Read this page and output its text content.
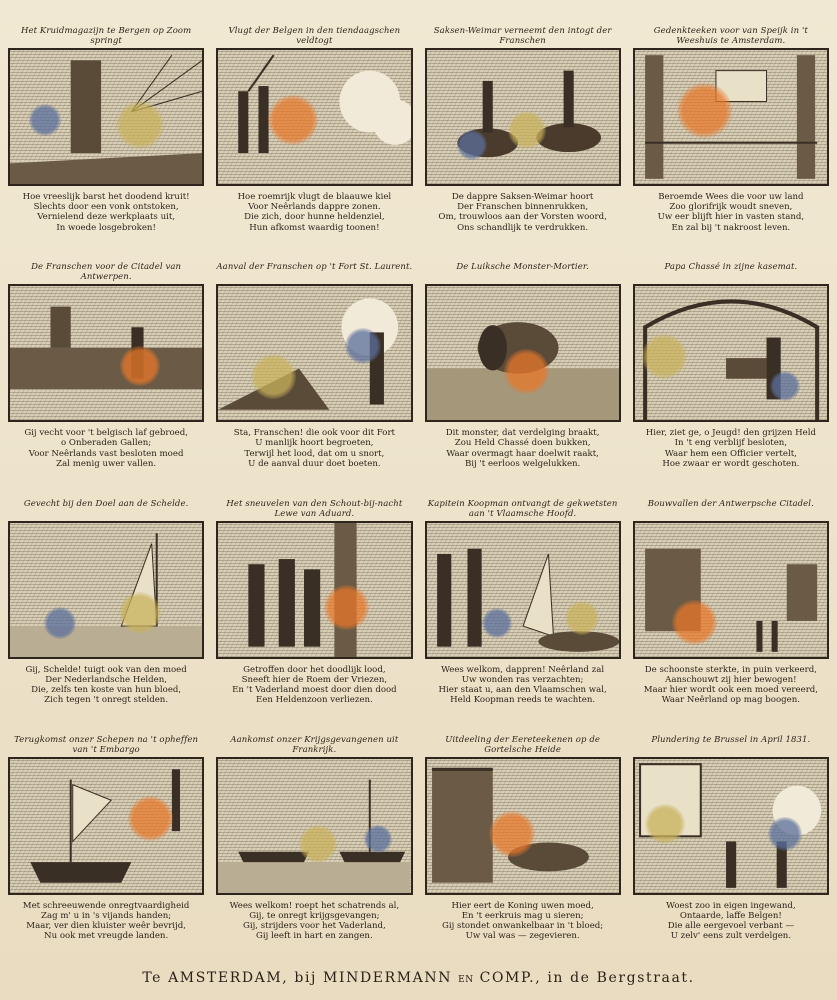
Het Kruidmagazijn te Bergen op Zoom springt
Hoe vreeslijk barst het doodend kruit!
Slechts door een vonk ontstoken,
Vernielend deze werkplaats uit,
In woede losgebroken!
Vlugt der Belgen in den tiendaagschen veldtogt
Hoe roemrijk vlugt de blaauwe kiel
Voor Neêrlands dappre zonen.
Die zich, door hunne heldenziel,
Hun afkomst waardig toonen!
Saksen-Weimar verneemt den intogt der Franschen
De dappre Saksen-Weimar hoort
Der Franschen binnenrukken,
Om, trouwloos aan der Vorsten woord,
Ons schandlijk te verdrukken.
Gedenkteeken voor van Speijk in 't Weeshuis te Amsterdam.
Beroemde Wees die voor uw land
Zoo glorifrijk woudt sneven,
Uw eer blijft hier in vasten stand,
En zal bij 't nakroost leven.
De Franschen voor de Citadel van Antwerpen.
Gij vecht voor 't belgisch laf gebroed,
o Onberaden Gallen;
Voor Neêrlands vast besloten moed
Zal menig uwer vallen.
Aanval der Franschen op 't Fort St. Laurent.
Sta, Franschen! die ook voor dit Fort
U manlijk hoort begroeten,
Terwijl het lood, dat om u snort,
U de aanval duur doet boeten.
De Luiksche Monster-Mortier.
Dit monster, dat verdelging braakt,
Zou Held Chassé doen bukken,
Waar overmagt haar doelwit raakt,
Bij 't eerloos welgelukken.
Papa Chassé in zijne kasemat.
Hier, ziet ge, o Jeugd! den grijzen Held
In 't eng verblijf besloten,
Waar hem een Officier vertelt,
Hoe zwaar er wordt geschoten.
Gevecht bij den Doel aan de Schelde.
Gij, Schelde! tuigt ook van den moed
Der Nederlandsche Helden,
Die, zelfs ten koste van hun bloed,
Zich tegen 't onregt stelden.
Het sneuvelen van den Schout-bij-nacht Lewe van Aduard.
Getroffen door het doodlijk lood,
Sneeft hier de Roem der Vriezen,
En 't Vaderland moest door dien dood
Een Heldenzoon verliezen.
Kapitein Koopman ontvangt de gekwetsten aan 't Vlaamsche Hoofd.
Wees welkom, dappren! Neêrland zal
Uw wonden ras verzachten;
Hier staat u, aan den Vlaamschen wal,
Held Koopman reeds te wachten.
Bouwvallen der Antwerpsche Citadel.
De schoonste sterkte, in puin verkeerd,
Aanschouwt zij hier bewogen!
Maar hier wordt ook een moed vereerd,
Waar Neêrland op mag boogen.
Terugkomst onzer Schepen na 't opheffen van 't Embargo
Met schreeuwende onregtvaardigheid
Zag m' u in 's vijands handen;
Maar, ver dien kluister weêr bevrijd,
Nu ook met vreugde landen.
Aankomst onzer Krijgsgevangenen uit Frankrijk.
Wees welkom! roept het schatrends al,
Gij, te onregt krijgsgevangen;
Gij, strijders voor het Vaderland,
Gij leeft in hart en zangen.
Uitdeeling der Eereteekenen op de Gortelsche Heide
Hier eert de Koning uwen moed,
En 't eerkruis mag u sieren;
Gij stondet onwankelbaar in 't bloed;
Uw val was — zegevieren.
Plundering te Brussel in April 1831.
Woest zoo in eigen ingewand,
Ontaarde, laffe Belgen!
Die alle eergevoel verbant —
U zelv' eens zult verdelgen.
Te AMSTERDAM, bij MINDERMANN EN COMP., in de Bergstraat.
